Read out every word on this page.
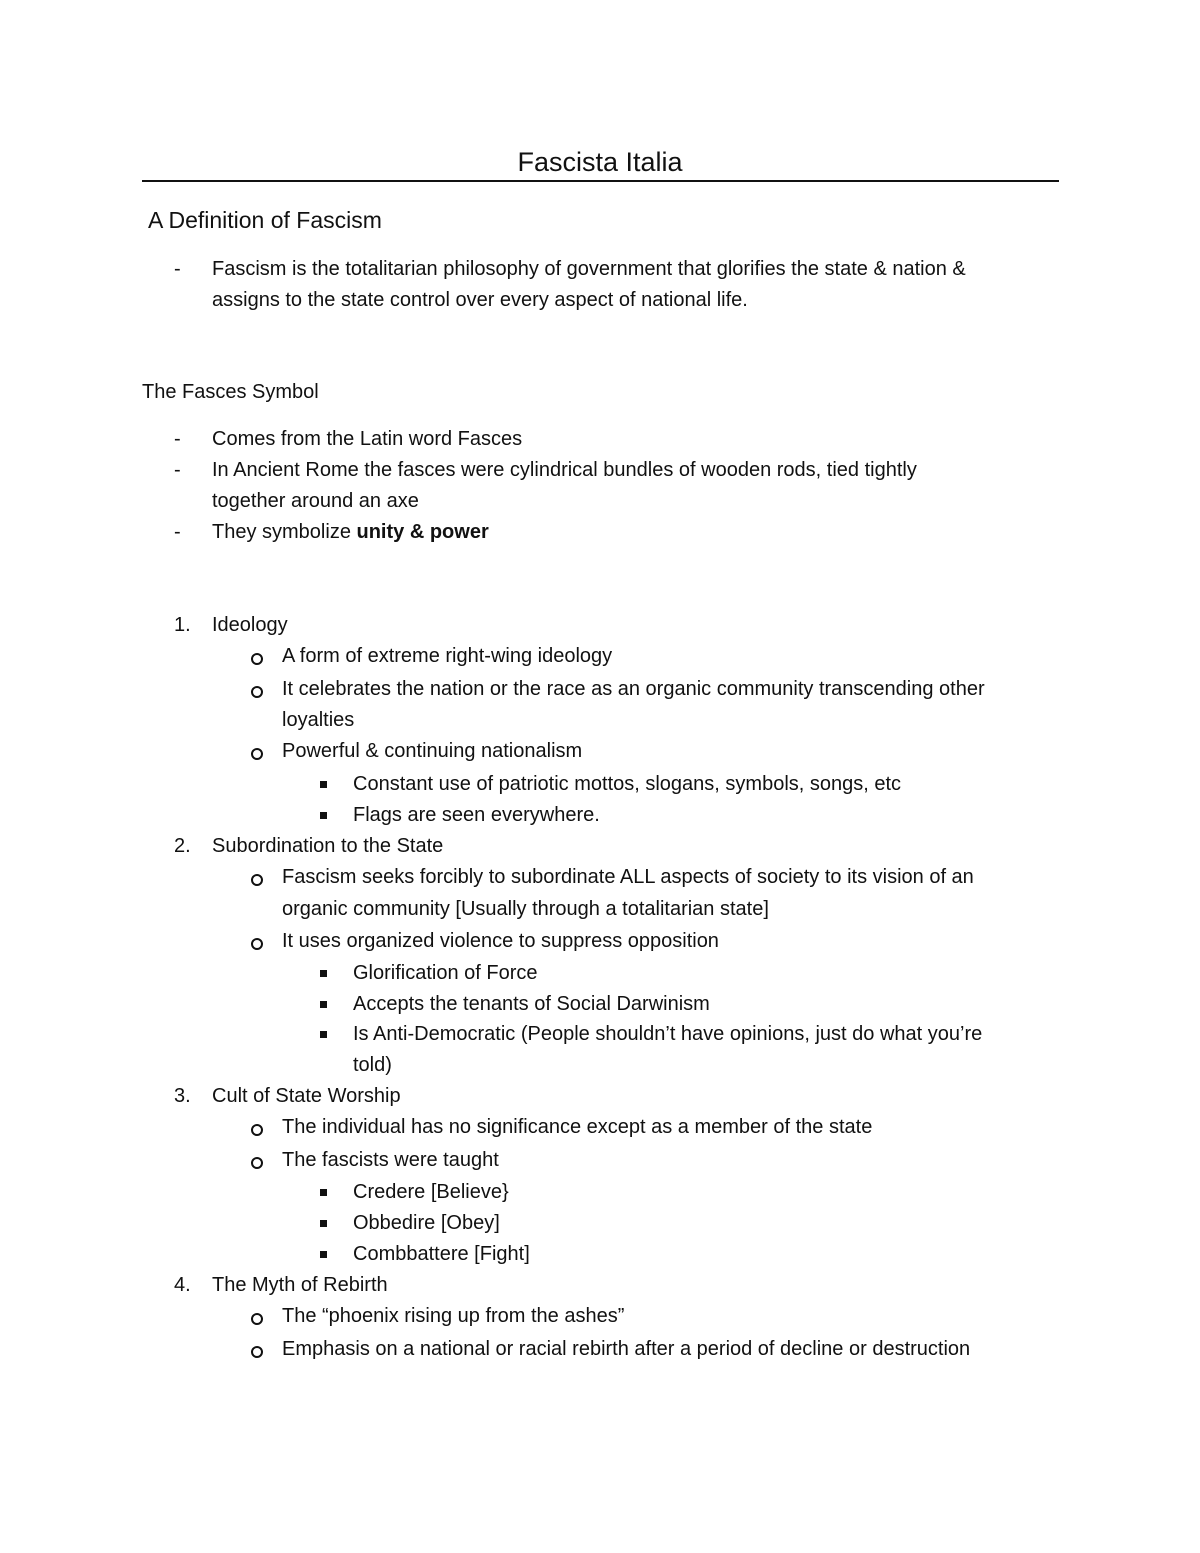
Fascista Italia
A Definition of Fascism
- Fascism is the totalitarian philosophy of government that glorifies the state & nation &
assigns to the state control over every aspect of national life.
The Fasces Symbol
- Comes from the Latin word Fasces
- In Ancient Rome the fasces were cylindrical bundles of wooden rods, tied tightly
together around an axe
- They symbolize unity & power
1. Ideology
A form of extreme right-wing ideology
It celebrates the nation or the race as an organic community transcending other
loyalties
Powerful & continuing nationalism
Constant use of patriotic mottos, slogans, symbols, songs, etc
Flags are seen everywhere.
2. Subordination to the State
Fascism seeks forcibly to subordinate ALL aspects of society to its vision of an
organic community [Usually through a totalitarian state]
It uses organized violence to suppress opposition
Glorification of Force
Accepts the tenants of Social Darwinism
Is Anti-Democratic (People shouldn’t have opinions, just do what you’re
told)
3. Cult of State Worship
The individual has no significance except as a member of the state
The fascists were taught
Credere [Believe}
Obbedire [Obey]
Combbattere [Fight]
4. The Myth of Rebirth
The “phoenix rising up from the ashes”
Emphasis on a national or racial rebirth after a period of decline or destruction
